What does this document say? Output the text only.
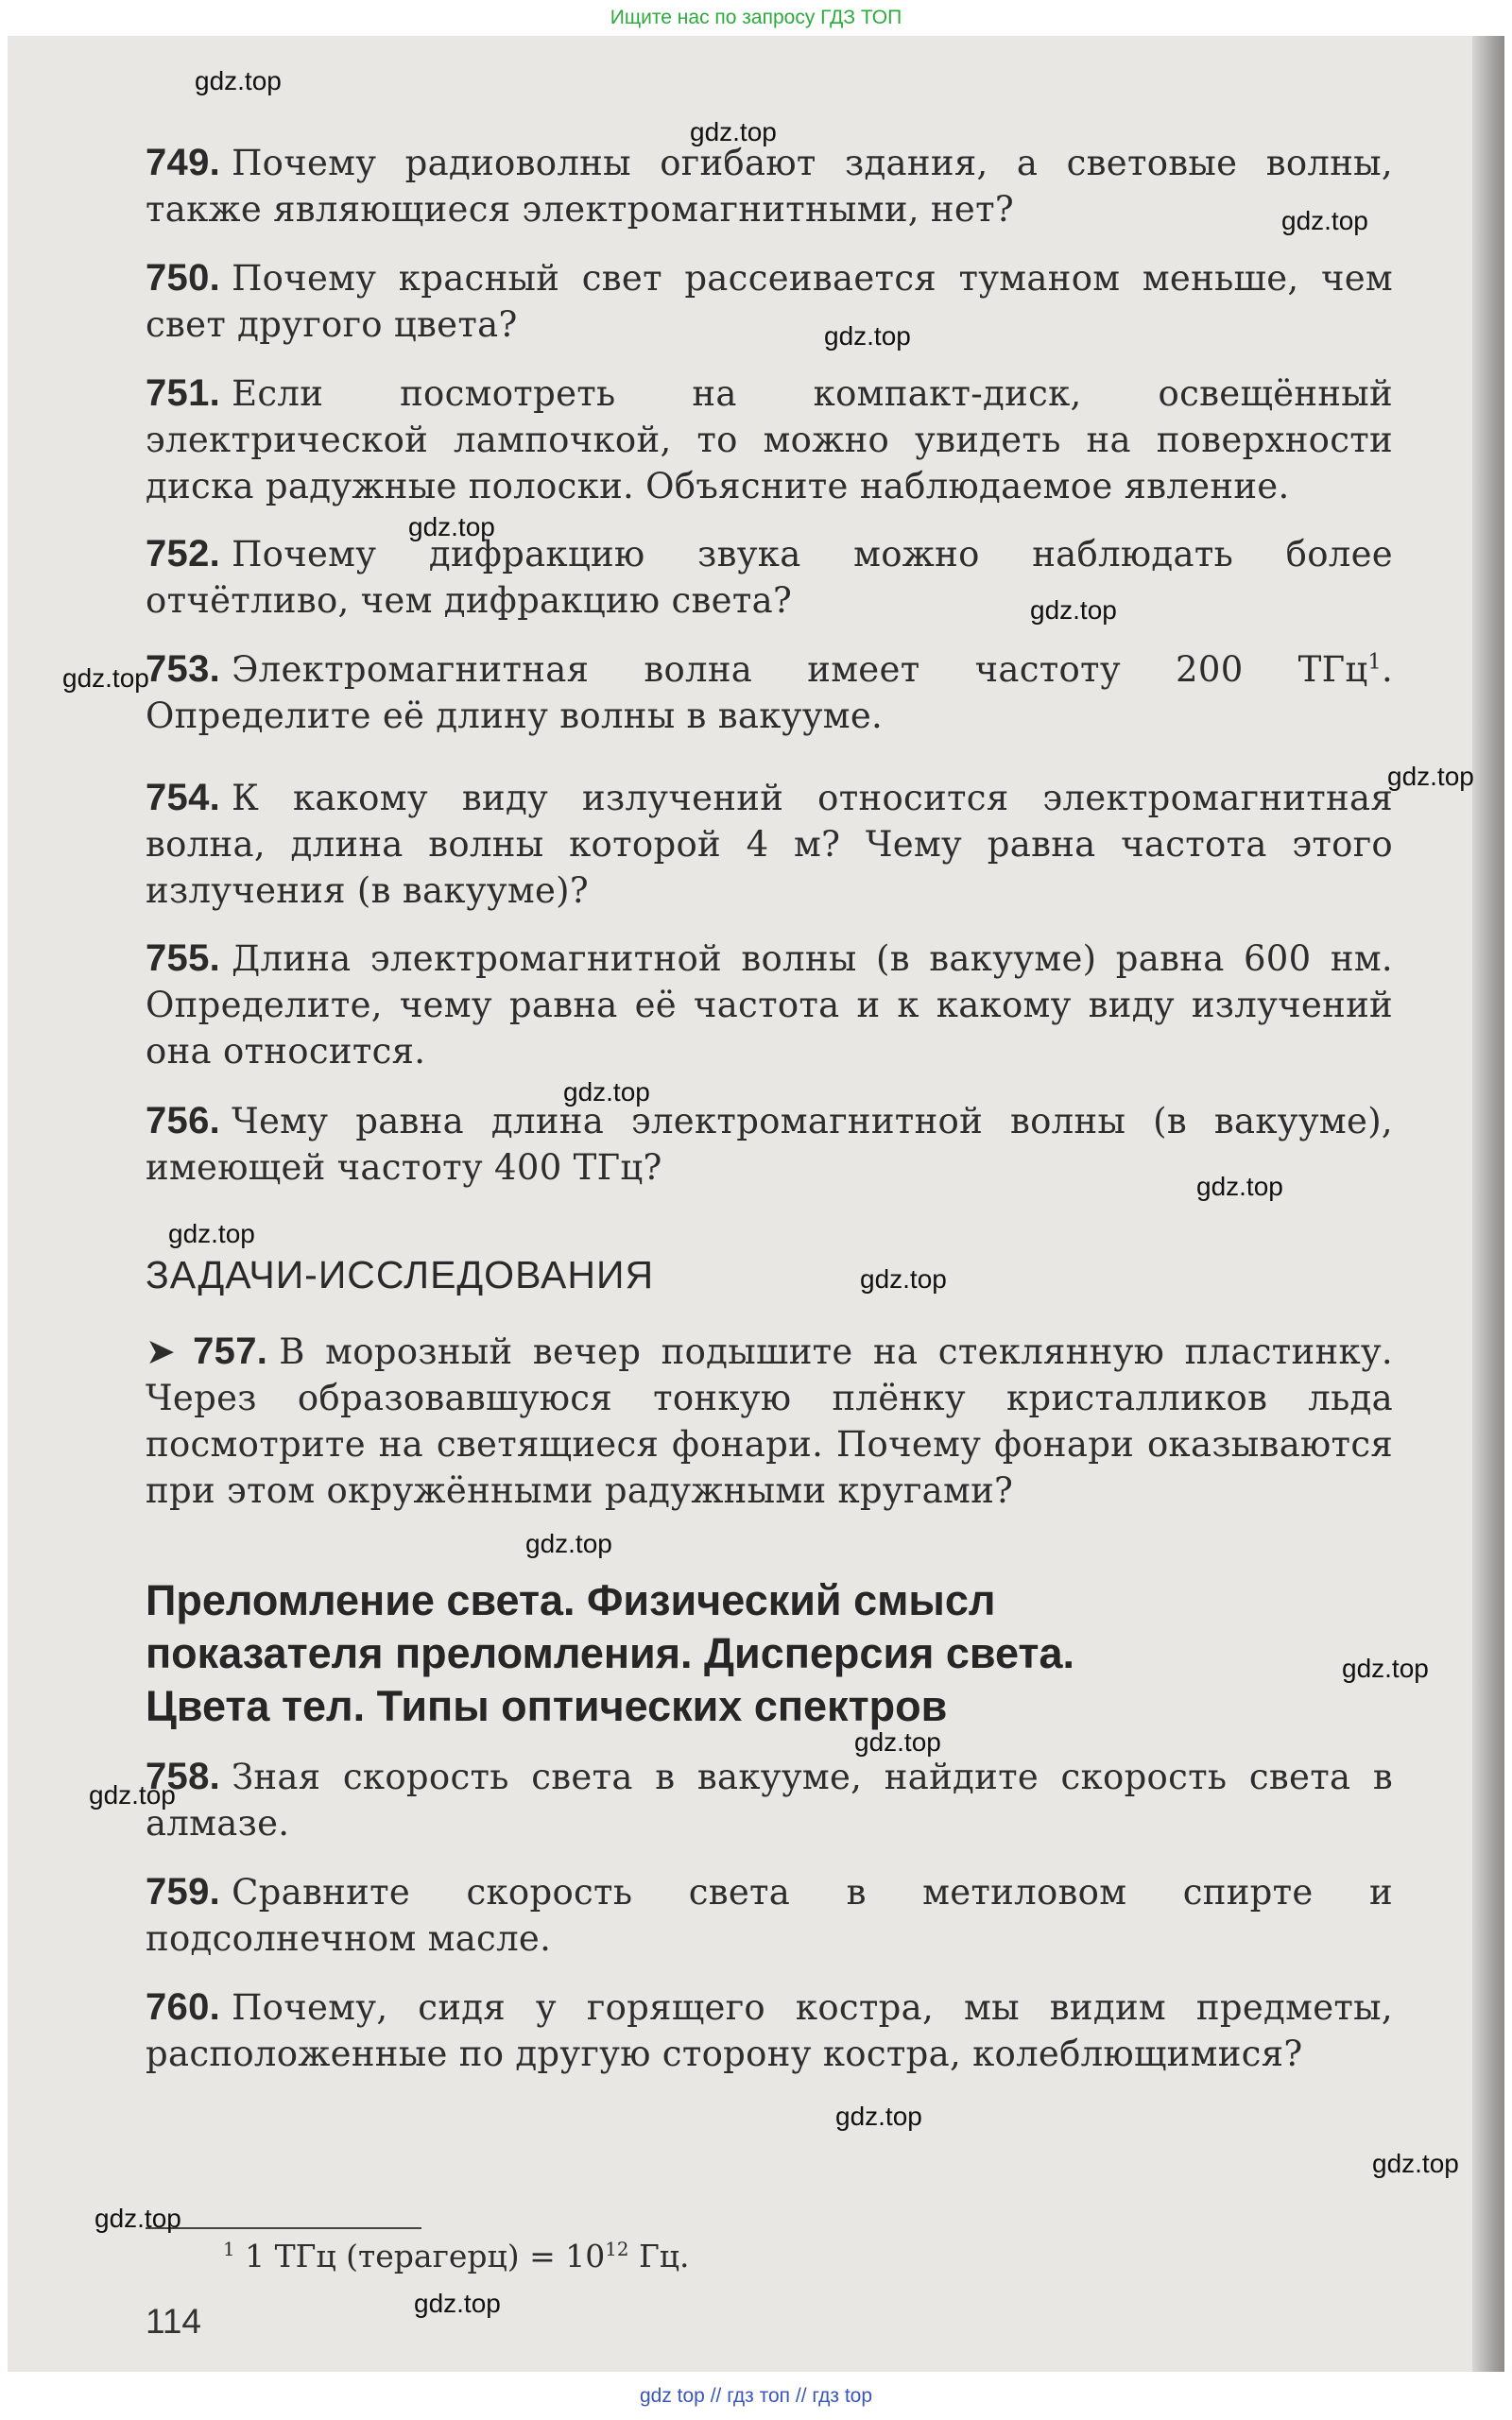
Ищите нас по запросу ГДЗ ТОП
749. Почему радиоволны огибают здания, а световые волны, также являющиеся электромагнитными, нет?
750. Почему красный свет рассеивается туманом меньше, чем свет другого цвета?
751. Если посмотреть на компакт-диск, освещённый электрической лампочкой, то можно увидеть на поверхности диска радужные полоски. Объясните наблюдаемое явление.
752. Почему дифракцию звука можно наблюдать более отчётливо, чем дифракцию света?
753. Электромагнитная волна имеет частоту 200 ТГц$^1$. Определите её длину волны в вакууме.
754. К какому виду излучений относится электромагнитная волна, длина волны которой 4 м? Чему равна частота этого излучения (в вакууме)?
755. Длина электромагнитной волны (в вакууме) равна 600 нм. Определите, чему равна её частота и к какому виду излучений она относится.
756. Чему равна длина электромагнитной волны (в вакууме), имеющей частоту 400 ТГц?
ЗАДАЧИ-ИССЛЕДОВАНИЯ
➤ 757. В морозный вечер подышите на стеклянную пластинку. Через образовавшуюся тонкую плёнку кристалликов льда посмотрите на светящиеся фонари. Почему фонари оказываются при этом окружёнными радужными кругами?
Преломление света. Физический смысл
показателя преломления. Дисперсия света.
Цвета тел. Типы оптических спектров
758. Зная скорость света в вакууме, найдите скорость света в алмазе.
759. Сравните скорость света в метиловом спирте и подсолнечном масле.
760. Почему, сидя у горящего костра, мы видим предметы, расположенные по другую сторону костра, колеблющимися?
$^1$ 1 ТГц (терагерц) = $10^{12}$ Гц.
114
gdz.top
gdz.top
gdz.top
gdz.top
gdz.top
gdz.top
gdz.top
gdz.top
gdz.top
gdz.top
gdz.top
gdz.top
gdz.top
gdz.top
gdz.top
gdz.top
gdz.top
gdz.top
gdz.top
gdz.top
gdz top // гдз топ // гдз top
